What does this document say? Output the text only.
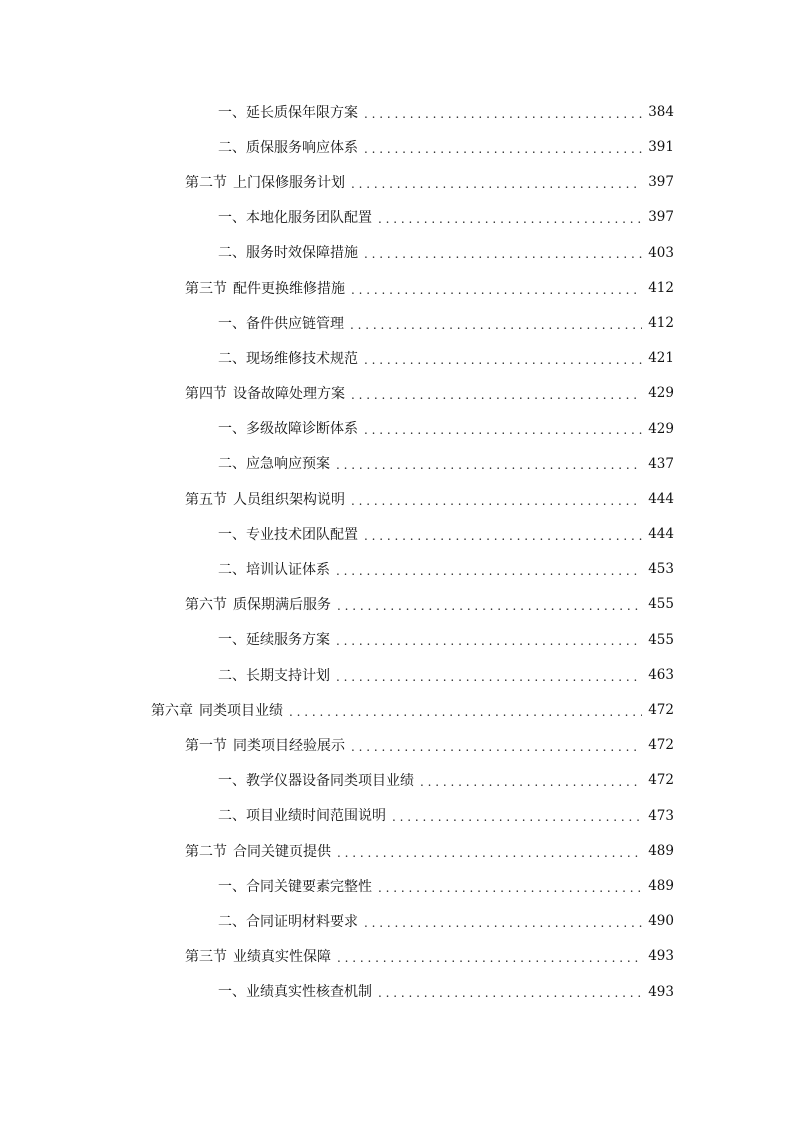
一、 延长质保年限方案 . . .	384
二、 质保服务响应体系 . . .	391
第二节 上门保修服务计划 . . .	397
一、 本地化服务团队配置 . . .	397
二、 服务时效保障措施 . . .	403
第三节 配件更换维修措施 . . .	412
一、 备件供应链管理 . . .	412
二、 现场维修技术规范 . . .	421
第四节 设备故障处理方案 . . .	429
一、 多级故障诊断体系 . . .	429
二、 应急响应预案 . . .	437
第五节 人员组织架构说明 . . .	444
一、 专业技术团队配置 . . .	444
二、 培训认证体系 . . .	453
第六节 质保期满后服务 . . .	455
一、 延续服务方案 . . .	455
二、 长期支持计划 . . .	463
第六章 同类项目业绩 . . .	472
第一节 同类项目经验展示 . . .	472
一、 教学仪器设备同类项目业绩 . . .	472
二、 项目业绩时间范围说明 . . .	473
第二节 合同关键页提供 . . .	489
一、 合同关键要素完整性 . . .	489
二、 合同证明材料要求 . . .	490
第三节 业绩真实性保障 . . .	493
一、 业绩真实性核查机制 . . .	493
